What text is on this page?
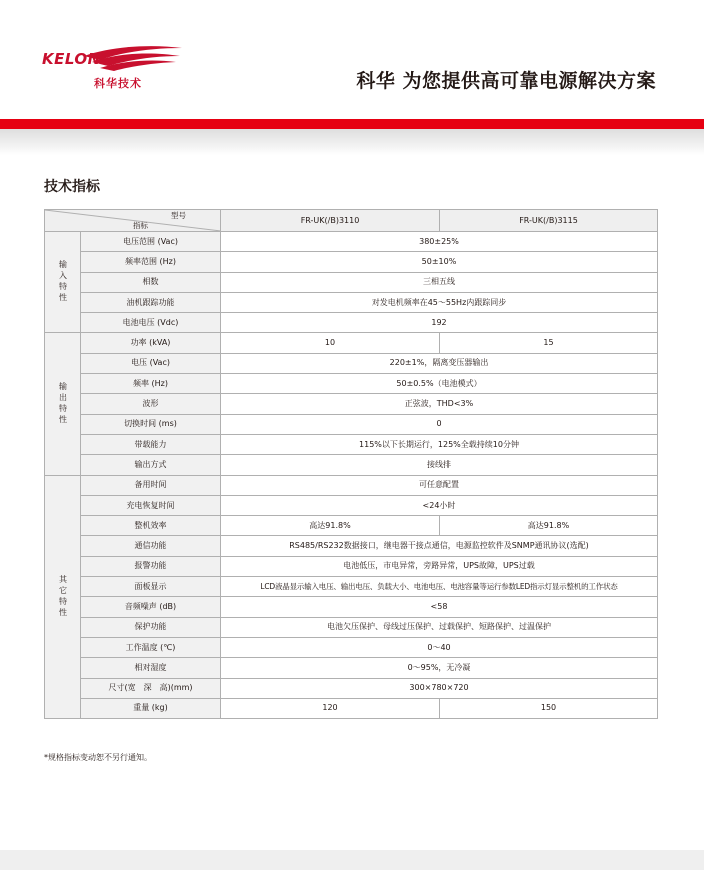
KELONG
科华技术	科华 为您提供高可靠电源解决方案
技术指标
型号
指标		FR-UK(/B)3110	FR-UK(/B)3115
输入特性	电压范围 (Vac)	380±25%	
	频率范围 (Hz)	50±10%	
	相数	三相五线	
	油机跟踪功能	对发电机频率在45～55Hz内跟踪同步	
	电池电压 (Vdc)	192	
输出特性	功率 (kVA)	10	15
	电压 (Vac)	220±1%，隔离变压器输出	
	频率 (Hz)	50±0.5%（电池模式）	
	波形	正弦波，THD<3%	
	切换时间 (ms)	0	
	带载能力	115%以下长期运行，125%全载持续10分钟	
	输出方式	接线排	
其它特性	备用时间	可任意配置	
	充电恢复时间	<24小时	
	整机效率	高达91.8%	高达91.8%
	通信功能	RS485/RS232数据接口，继电器干接点通信，电源监控软件及SNMP通讯协议(选配)	
	报警功能	电池低压，市电异常，旁路异常，UPS故障，UPS过载	
	面板显示	LCD液晶显示输入电压、输出电压、负载大小、电池电压、电池容量等运行参数LED指示灯显示整机的工作状态	
	音频噪声 (dB)	<58	
	保护功能	电池欠压保护、母线过压保护、过载保护、短路保护、过温保护	
	工作温度 (℃)	0～40	
	相对湿度	0～95%，无冷凝	
	尺寸(宽　深　高)(mm)	300×780×720	
	重量 (kg)	120	150
*规格指标变动恕不另行通知。
